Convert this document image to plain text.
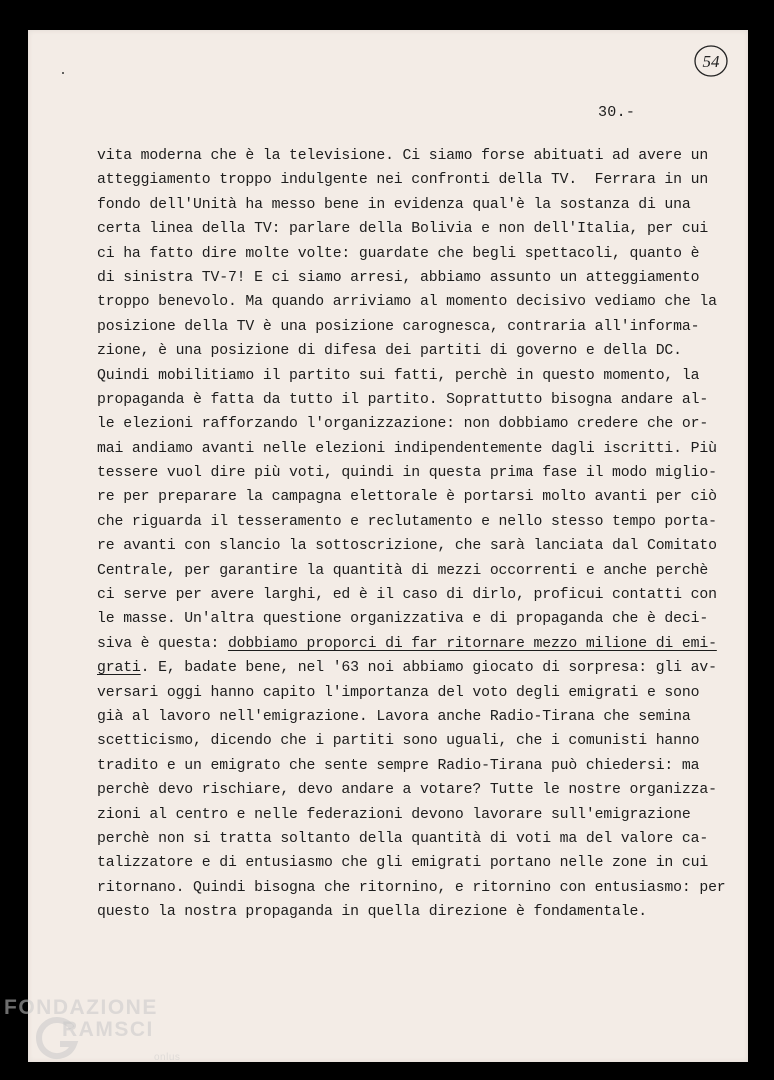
54
30.-
vita moderna che è la televisione. Ci siamo forse abituati ad avere un
atteggiamento troppo indulgente nei confronti della TV.  Ferrara in un
fondo dell'Unità ha messo bene in evidenza qual'è la sostanza di una
certa linea della TV: parlare della Bolivia e non dell'Italia, per cui
ci ha fatto dire molte volte: guardate che begli spettacoli, quanto è
di sinistra TV-7! E ci siamo arresi, abbiamo assunto un atteggiamento
troppo benevolo. Ma quando arriviamo al momento decisivo vediamo che la
posizione della TV è una posizione carognesca, contraria all'informa-
zione, è una posizione di difesa dei partiti di governo e della DC.
Quindi mobilitiamo il partito sui fatti, perchè in questo momento, la
propaganda è fatta da tutto il partito. Soprattutto bisogna andare al-
le elezioni rafforzando l'organizzazione: non dobbiamo credere che or-
mai andiamo avanti nelle elezioni indipendentemente dagli iscritti. Più
tessere vuol dire più voti, quindi in questa prima fase il modo miglio-
re per preparare la campagna elettorale è portarsi molto avanti per ciò
che riguarda il tesseramento e reclutamento e nello stesso tempo porta-
re avanti con slancio la sottoscrizione, che sarà lanciata dal Comitato
Centrale, per garantire la quantità di mezzi occorrenti e anche perchè
ci serve per avere larghi, ed è il caso di dirlo, proficui contatti con
le masse. Un'altra questione organizzativa e di propaganda che è deci-
siva è questa: dobbiamo proporci di far ritornare mezzo milione di emi-
grati. E, badate bene, nel '63 noi abbiamo giocato di sorpresa: gli av-
versari oggi hanno capito l'importanza del voto degli emigrati e sono
già al lavoro nell'emigrazione. Lavora anche Radio-Tirana che semina
scetticismo, dicendo che i partiti sono uguali, che i comunisti hanno
tradito e un emigrato che sente sempre Radio-Tirana può chiedersi: ma
perchè devo rischiare, devo andare a votare? Tutte le nostre organizza-
zioni al centro e nelle federazioni devono lavorare sull'emigrazione
perchè non si tratta soltanto della quantità di voti ma del valore ca-
talizzatore e di entusiasmo che gli emigrati portano nelle zone in cui
ritornano. Quindi bisogna che ritornino, e ritornino con entusiasmo: per
questo la nostra propaganda in quella direzione è fondamentale.
FONDAZIONE
RAMSCI
onlus
